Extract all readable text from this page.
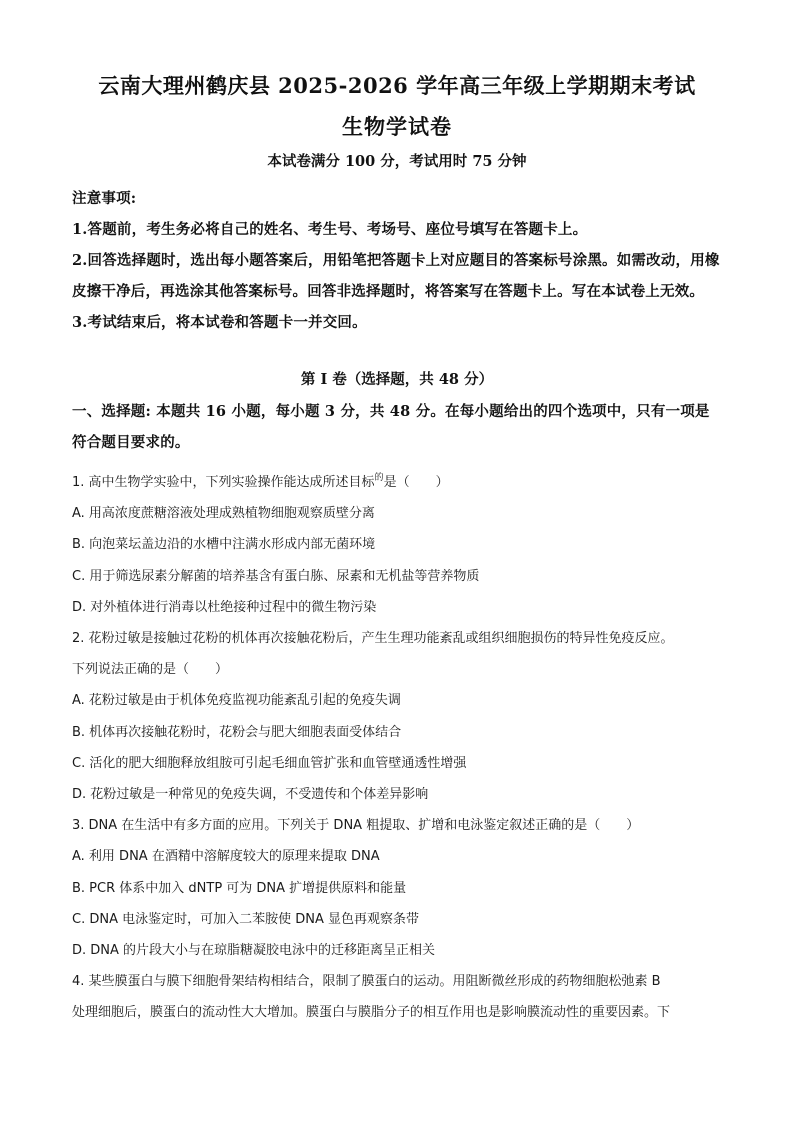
云南大理州鹤庆县 2025-2026 学年高三年级上学期期末考试
生物学试卷
本试卷满分 100 分，考试用时 75 分钟

注意事项:

1.答题前，考生务必将自己的姓名、考生号、考场号、座位号填写在答题卡上。

2.回答选择题时，选出每小题答案后，用铅笔把答题卡上对应题目的答案标号涂黑。如需改动，用橡皮擦干净后，再选涂其他答案标号。回答非选择题时，将答案写在答题卡上。写在本试卷上无效。

3.考试结束后，将本试卷和答题卡一并交回。

第 I 卷（选择题，共 48 分）
一、选择题: 本题共 16 小题，每小题 3 分，共 48 分。在每小题给出的四个选项中，只有一项是符合题目要求的。

1. 高中生物学实验中，下列实验操作能达成所述目标$^的$是（　　）

A. 用高浓度蔗糖溶液处理成熟植物细胞观察质壁分离

B. 向泡菜坛盖边沿的水槽中注满水形成内部无菌环境

C. 用于筛选尿素分解菌的培养基含有蛋白胨、尿素和无机盐等营养物质

D. 对外植体进行消毒以杜绝接种过程中的微生物污染

2. 花粉过敏是接触过花粉的机体再次接触花粉后，产生生理功能紊乱或组织细胞损伤的特异性免疫反应。

下列说法正确的是（　　）

A. 花粉过敏是由于机体免疫监视功能紊乱引起的免疫失调

B. 机体再次接触花粉时，花粉会与肥大细胞表面受体结合

C. 活化的肥大细胞释放组胺可引起毛细血管扩张和血管壁通透性增强

D. 花粉过敏是一种常见的免疫失调，不受遗传和个体差异影响

3. DNA 在生活中有多方面的应用。下列关于 DNA 粗提取、扩增和电泳鉴定叙述正确的是（　　）

A. 利用 DNA 在酒精中溶解度较大的原理来提取 DNA

B. PCR 体系中加入 dNTP 可为 DNA 扩增提供原料和能量

C. DNA 电泳鉴定时，可加入二苯胺使 DNA 显色再观察条带

D. DNA 的片段大小与在琼脂糖凝胶电泳中的迁移距离呈正相关

4. 某些膜蛋白与膜下细胞骨架结构相结合，限制了膜蛋白的运动。用阻断微丝形成的药物细胞松弛素 B

处理细胞后，膜蛋白的流动性大大增加。膜蛋白与膜脂分子的相互作用也是影响膜流动性的重要因素。下
